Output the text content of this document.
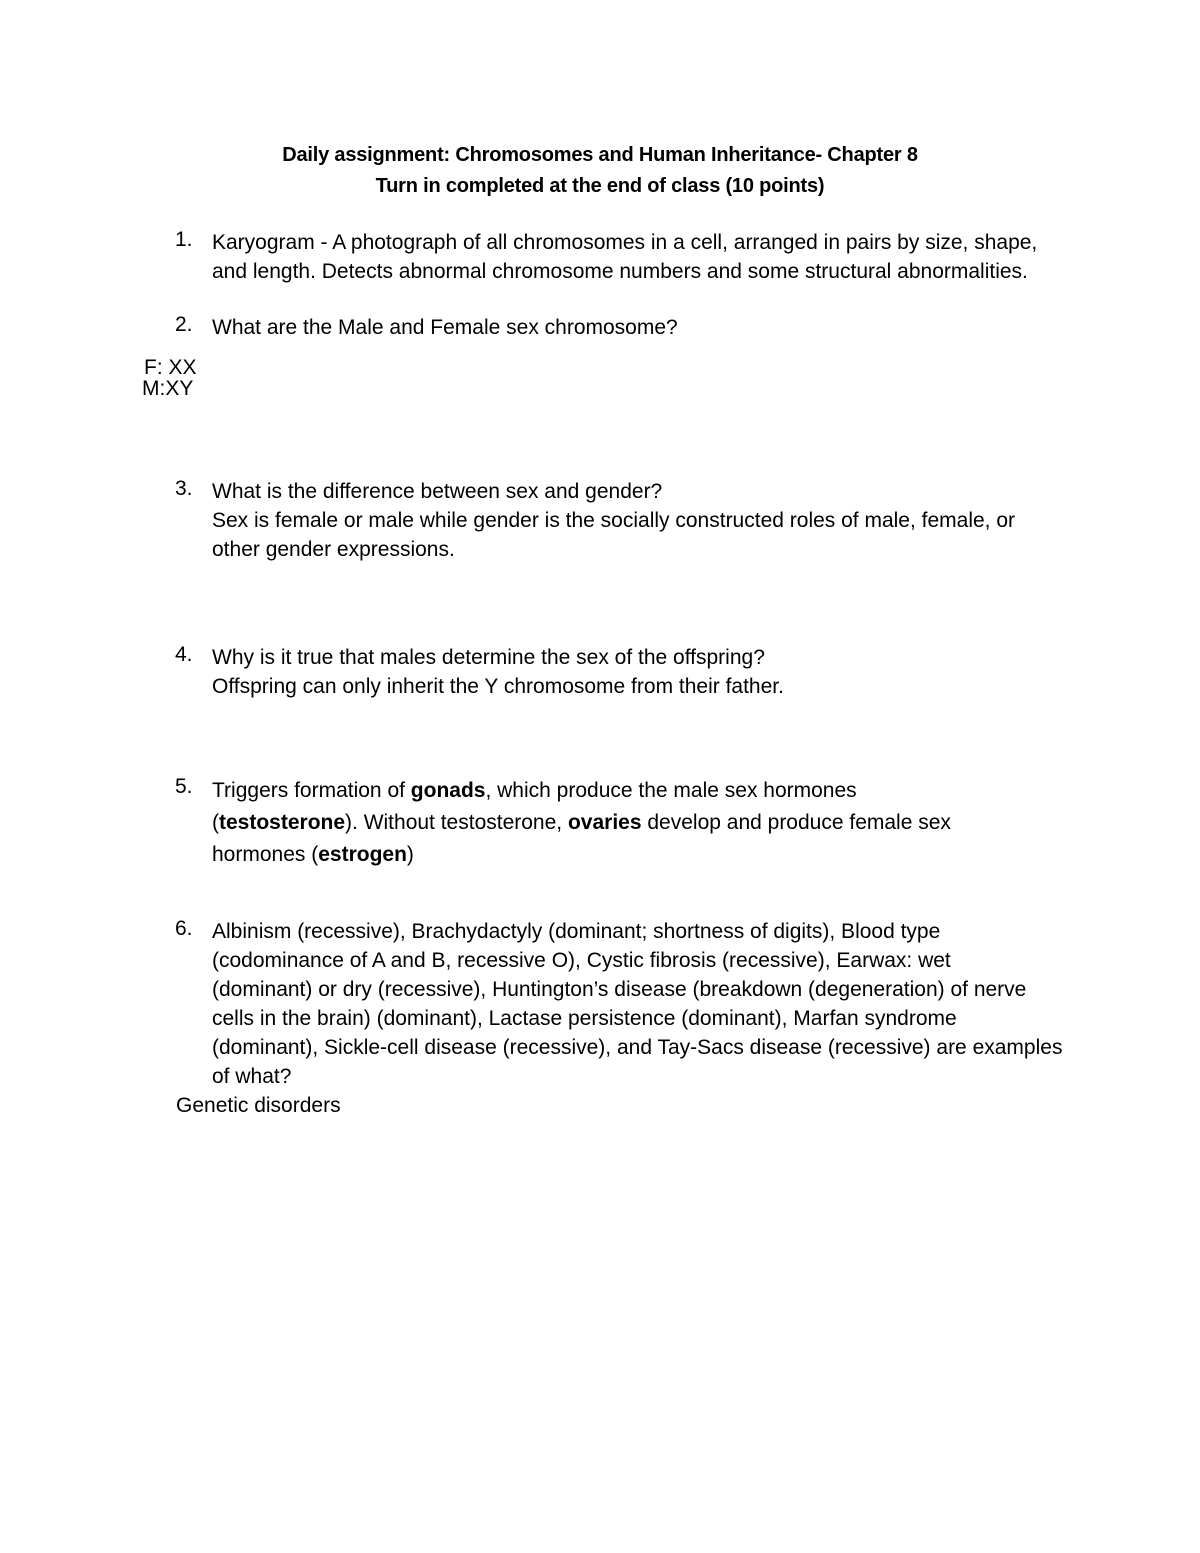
Daily assignment: Chromosomes and Human Inheritance- Chapter 8
Turn in completed at the end of class (10 points)
1. Karyogram - A photograph of all chromosomes in a cell, arranged in pairs by size, shape,
and length. Detects abnormal chromosome numbers and some structural abnormalities.
2. What are the Male and Female sex chromosome?
F: XX
M:XY
3. What is the difference between sex and gender?
Sex is female or male while gender is the socially constructed roles of male, female, or
other gender expressions.
4. Why is it true that males determine the sex of the offspring?
Offspring can only inherit the Y chromosome from their father.
5. Triggers formation of gonads, which produce the male sex hormones
(testosterone). Without testosterone, ovaries develop and produce female sex
hormones (estrogen)
6. Albinism (recessive), Brachydactyly (dominant; shortness of digits), Blood type
(codominance of A and B, recessive O), Cystic fibrosis (recessive), Earwax: wet
(dominant) or dry (recessive), Huntington’s disease (breakdown (degeneration) of nerve
cells in the brain) (dominant), Lactase persistence (dominant), Marfan syndrome
(dominant), Sickle-cell disease (recessive), and Tay-Sacs disease (recessive) are examples
of what?
Genetic disorders
